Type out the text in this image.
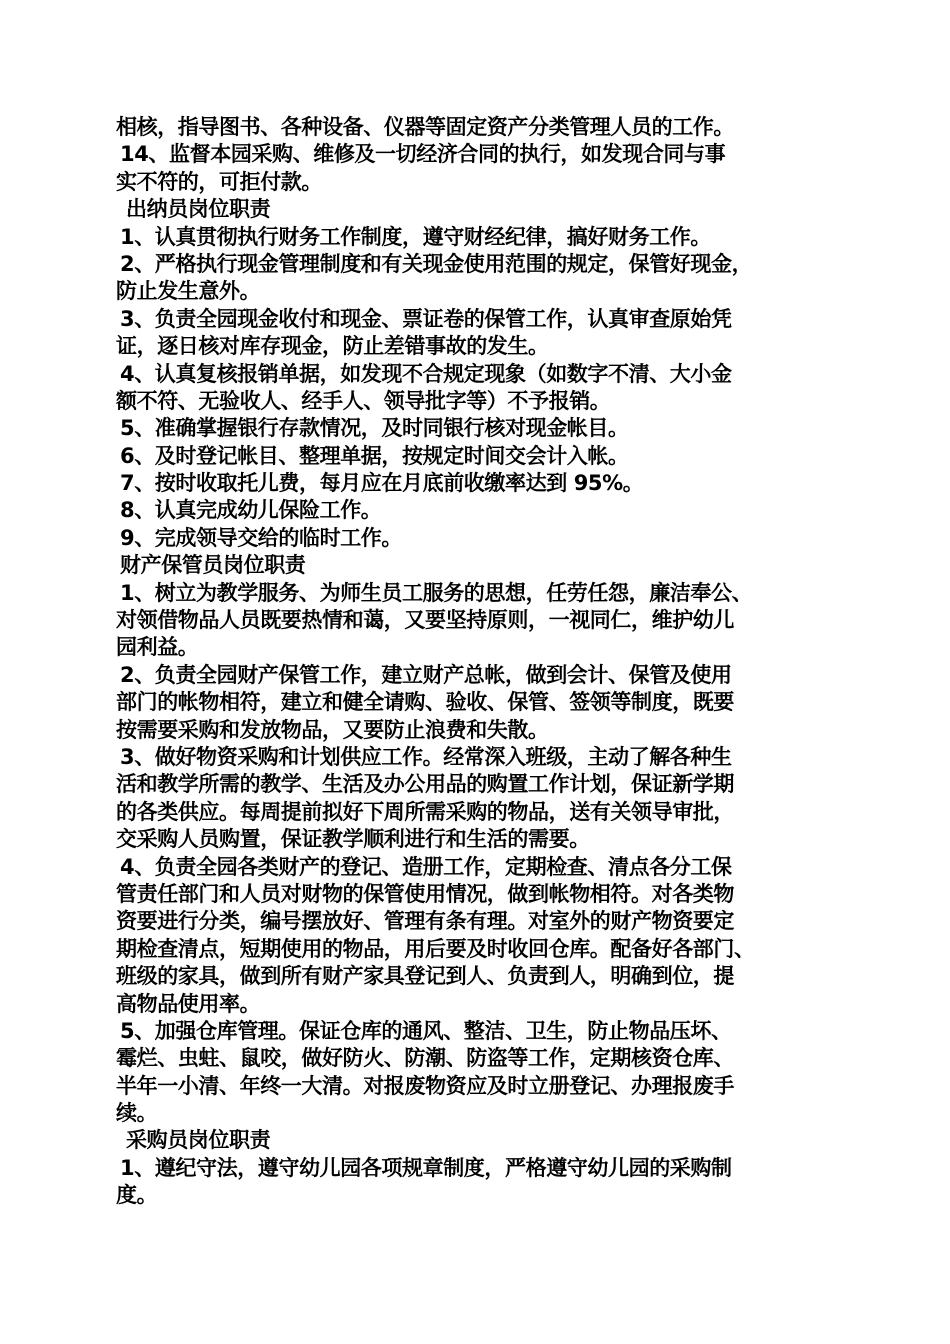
相核，指导图书、各种设备、仪器等固定资产分类管理人员的工作。
14、监督本园采购、维修及一切经济合同的执行，如发现合同与事
实不符的，可拒付款。
出纳员岗位职责
1、认真贯彻执行财务工作制度，遵守财经纪律，搞好财务工作。
2、严格执行现金管理制度和有关现金使用范围的规定，保管好现金，
防止发生意外。
3、负责全园现金收付和现金、票证卷的保管工作，认真审查原始凭
证，逐日核对库存现金，防止差错事故的发生。
4、认真复核报销单据，如发现不合规定现象（如数字不清、大小金
额不符、无验收人、经手人、领导批字等）不予报销。
5、准确掌握银行存款情况，及时同银行核对现金帐目。
6、及时登记帐目、整理单据，按规定时间交会计入帐。
7、按时收取托儿费，每月应在月底前收缴率达到 95%。
8、认真完成幼儿保险工作。
9、完成领导交给的临时工作。
财产保管员岗位职责
1、树立为教学服务、为师生员工服务的思想，任劳任怨，廉洁奉公、
对领借物品人员既要热情和蔼，又要坚持原则，一视同仁，维护幼儿
园利益。
2、负责全园财产保管工作，建立财产总帐，做到会计、保管及使用
部门的帐物相符，建立和健全请购、验收、保管、签领等制度，既要
按需要采购和发放物品，又要防止浪费和失散。
3、做好物资采购和计划供应工作。经常深入班级，主动了解各种生
活和教学所需的教学、生活及办公用品的购置工作计划，保证新学期
的各类供应。每周提前拟好下周所需采购的物品，送有关领导审批，
交采购人员购置，保证教学顺利进行和生活的需要。
4、负责全园各类财产的登记、造册工作，定期检查、清点各分工保
管责任部门和人员对财物的保管使用情况，做到帐物相符。对各类物
资要进行分类，编号摆放好、管理有条有理。对室外的财产物资要定
期检查清点，短期使用的物品，用后要及时收回仓库。配备好各部门、
班级的家具，做到所有财产家具登记到人、负责到人，明确到位，提
高物品使用率。
5、加强仓库管理。保证仓库的通风、整洁、卫生，防止物品压坏、
霉烂、虫蛀、鼠咬，做好防火、防潮、防盗等工作，定期核资仓库、
半年一小清、年终一大清。对报废物资应及时立册登记、办理报废手
续。
采购员岗位职责
1、遵纪守法，遵守幼儿园各项规章制度，严格遵守幼儿园的采购制
度。
